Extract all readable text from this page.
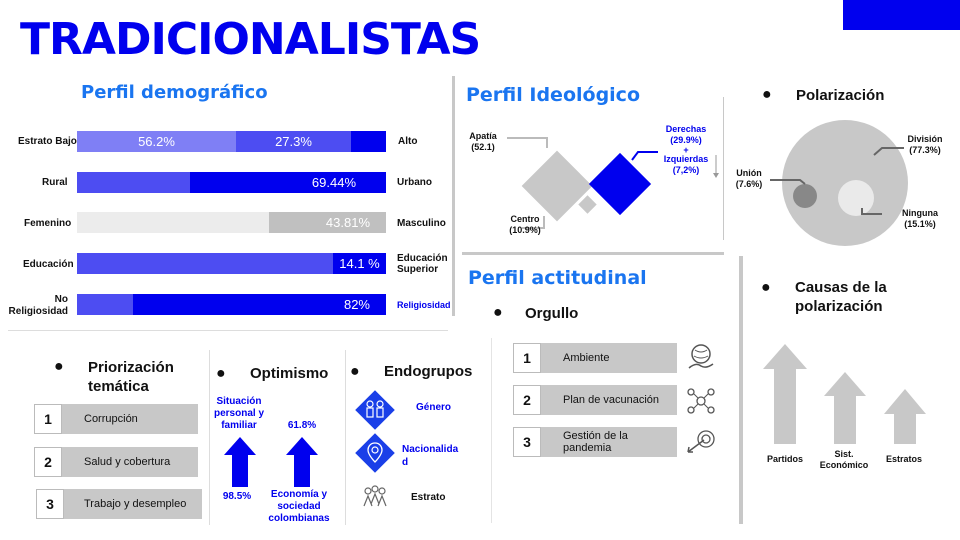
TRADICIONALISTAS
Perfil demográfico
Estrato Bajo	56.2%	27.3%	Alto
Rural	69.44%	Urbano
Femenino	43.81%	Masculino
Educación	14.1 % Educación Superior
No Religiosidad	82%	Religiosidad
Perfil Ideológico
Apatía
(52.1)
Centro
(10.9%)
Derechas
(29.9%)
+
Izquierdas
(7,2%)
● Polarización
División
(77.3%)
Unión
(7.6%)
Ninguna
(15.1%)
Perfil actitudinal
● Orgullo
1	Ambiente
2	Plan de vacunación
3	Gestión de la pandemia
● Causas de la polarización
Partidos	Sist. Económico
Estratos
● Priorización temática
1	Corrupción
2	Salud y cobertura
3	Trabajo y desempleo
● Optimismo
Situación personal y familiar	61.8%
98.5%	Economía y sociedad colombianas
● Endogrupos
Género
Nacionalidad
Estrato
